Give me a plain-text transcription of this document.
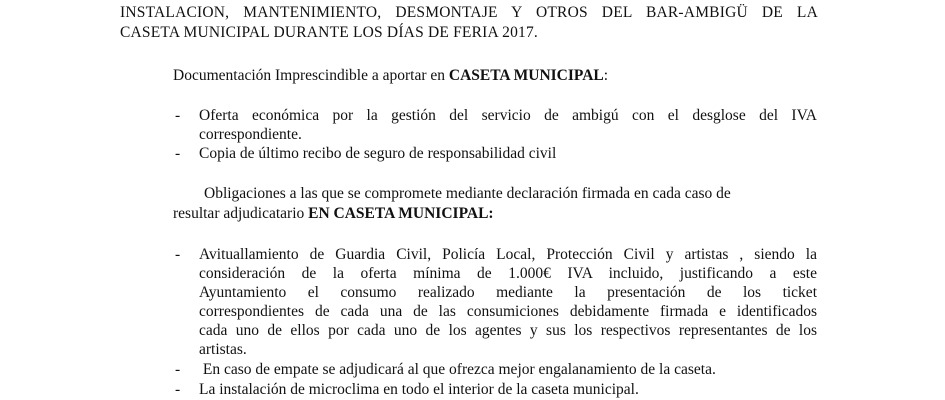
INSTALACION, MANTENIMIENTO, DESMONTAJE Y OTROS DEL BAR-AMBIGÜ DE LA
CASETA MUNICIPAL DURANTE LOS DÍAS DE FERIA 2017.
Documentación Imprescindible a aportar en CASETA MUNICIPAL:
- Oferta económica por la gestión del servicio de ambigú con el desglose del IVA
correspondiente.
- Copia de último recibo de seguro de responsabilidad civil
Obligaciones a las que se compromete mediante declaración firmada en cada caso de
resultar adjudicatario EN CASETA MUNICIPAL:
- Avituallamiento de Guardia Civil, Policía Local, Protección Civil y artistas , siendo la
consideración de la oferta mínima de 1.000€ IVA incluido, justificando a este
Ayuntamiento el consumo realizado mediante la presentación de los ticket
correspondientes de cada una de las consumiciones debidamente firmada e identificados
cada uno de ellos por cada uno de los agentes y sus los respectivos representantes de los
artistas.
- En caso de empate se adjudicará al que ofrezca mejor engalanamiento de la caseta.
- La instalación de microclima en todo el interior de la caseta municipal.
